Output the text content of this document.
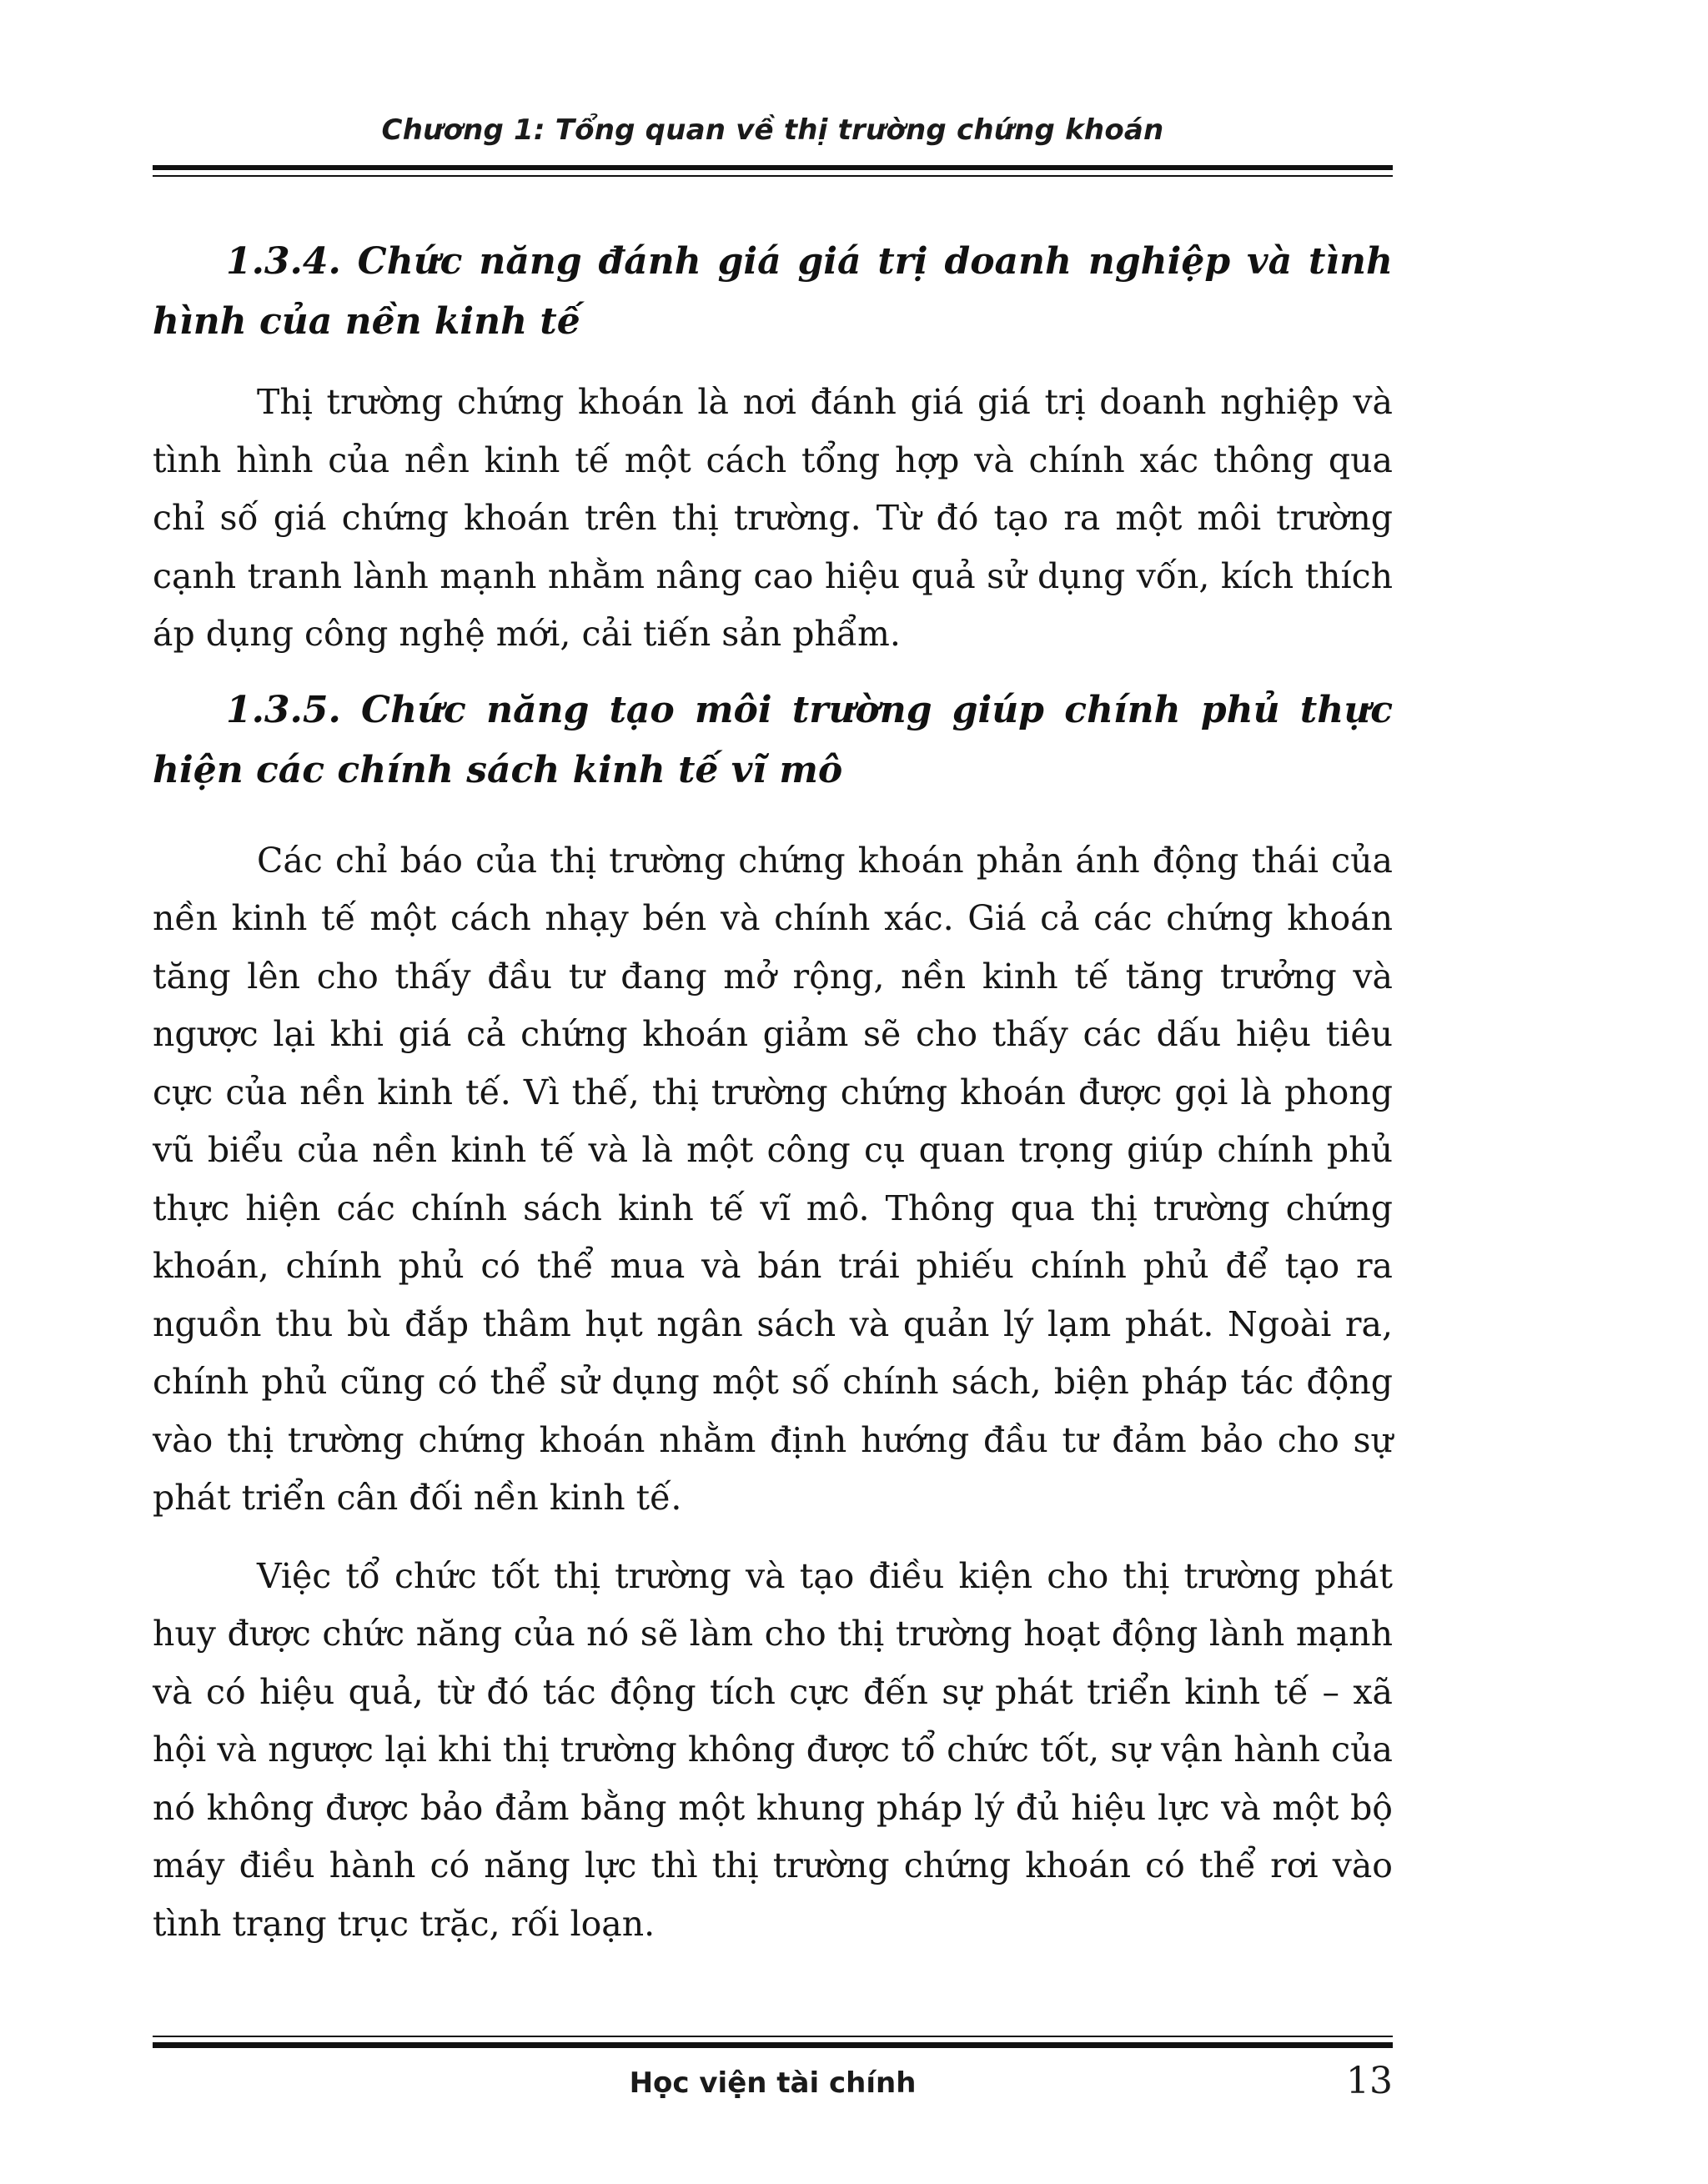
Chương 1: Tổng quan về thị trường chứng khoán
1.3.4. Chức năng đánh giá giá trị doanh nghiệp và tình hình của nền kinh tế

Thị trường chứng khoán là nơi đánh giá giá trị doanh nghiệp và tình hình của nền kinh tế một cách tổng hợp và chính xác thông qua chỉ số giá chứng khoán trên thị trường. Từ đó tạo ra một môi trường cạnh tranh lành mạnh nhằm nâng cao hiệu quả sử dụng vốn, kích thích áp dụng công nghệ mới, cải tiến sản phẩm.

1.3.5. Chức năng tạo môi trường giúp chính phủ thực hiện các chính sách kinh tế vĩ mô

Các chỉ báo của thị trường chứng khoán phản ánh động thái của nền kinh tế một cách nhạy bén và chính xác. Giá cả các chứng khoán tăng lên cho thấy đầu tư đang mở rộng, nền kinh tế tăng trưởng và ngược lại khi giá cả chứng khoán giảm sẽ cho thấy các dấu hiệu tiêu cực của nền kinh tế. Vì thế, thị trường chứng khoán được gọi là phong vũ biểu của nền kinh tế và là một công cụ quan trọng giúp chính phủ thực hiện các chính sách kinh tế vĩ mô. Thông qua thị trường chứng khoán, chính phủ có thể mua và bán trái phiếu chính phủ để tạo ra nguồn thu bù đắp thâm hụt ngân sách và quản lý lạm phát. Ngoài ra, chính phủ cũng có thể sử dụng một số chính sách, biện pháp tác động vào thị trường chứng khoán nhằm định hướng đầu tư đảm bảo cho sự phát triển cân đối nền kinh tế.

Việc tổ chức tốt thị trường và tạo điều kiện cho thị trường phát huy được chức năng của nó sẽ làm cho thị trường hoạt động lành mạnh và có hiệu quả, từ đó tác động tích cực đến sự phát triển kinh tế – xã hội và ngược lại khi thị trường không được tổ chức tốt, sự vận hành của nó không được bảo đảm bằng một khung pháp lý đủ hiệu lực và một bộ máy điều hành có năng lực thì thị trường chứng khoán có thể rơi vào tình trạng trục trặc, rối loạn.

Học viện tài chính	13
